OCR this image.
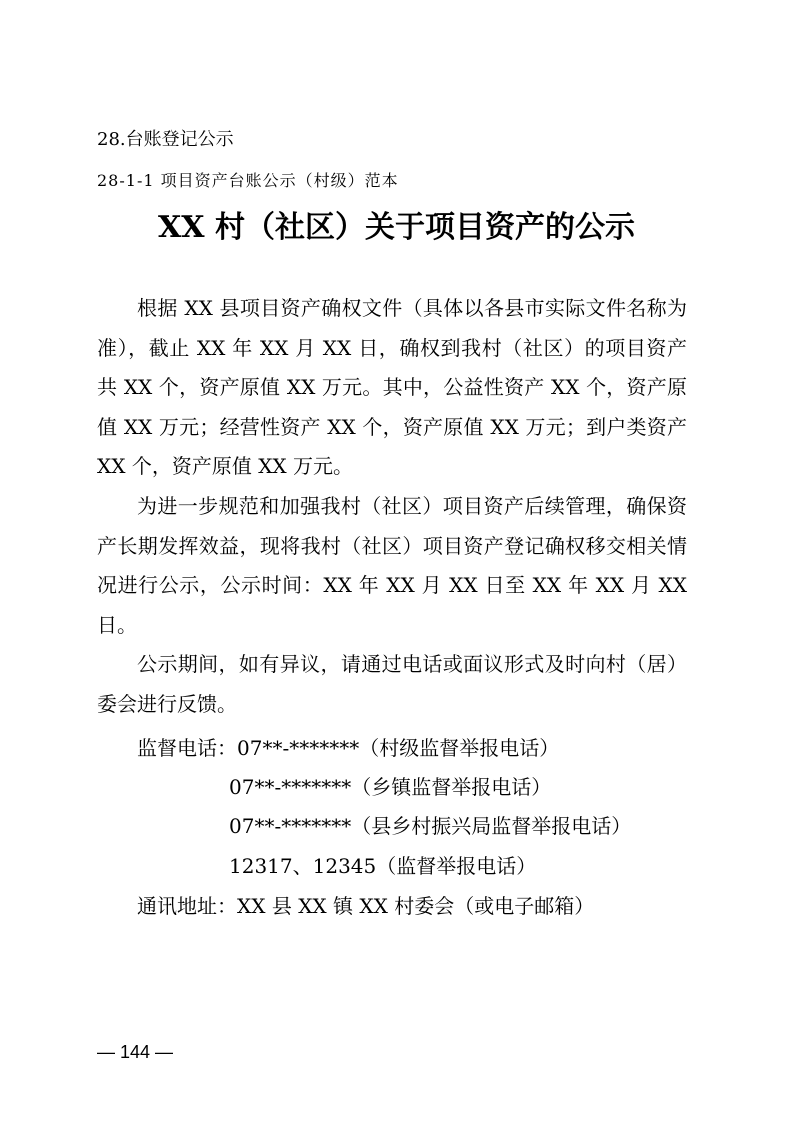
28.台账登记公示
28-1-1 项目资产台账公示（村级）范本
XX 村（社区）关于项目资产的公示

根据 XX 县项目资产确权文件（具体以各县市实际文件名称为准），截止 XX 年 XX 月 XX 日，确权到我村（社区）的项目资产共 XX 个，资产原值 XX 万元。其中，公益性资产 XX 个，资产原值 XX 万元；经营性资产 XX 个，资产原值 XX 万元；到户类资产 XX 个，资产原值 XX 万元。

为进一步规范和加强我村（社区）项目资产后续管理，确保资产长期发挥效益，现将我村（社区）项目资产登记确权移交相关情况进行公示，公示时间：XX 年 XX 月 XX 日至 XX 年 XX 月 XX 日。

公示期间，如有异议，请通过电话或面议形式及时向村（居）委会进行反馈。

监督电话：07**-*******（村级监督举报电话）

07**-*******（乡镇监督举报电话）

07**-*******（县乡村振兴局监督举报电话）

12317、12345（监督举报电话）

通讯地址：XX 县 XX 镇 XX 村委会（或电子邮箱）

— 144 —
